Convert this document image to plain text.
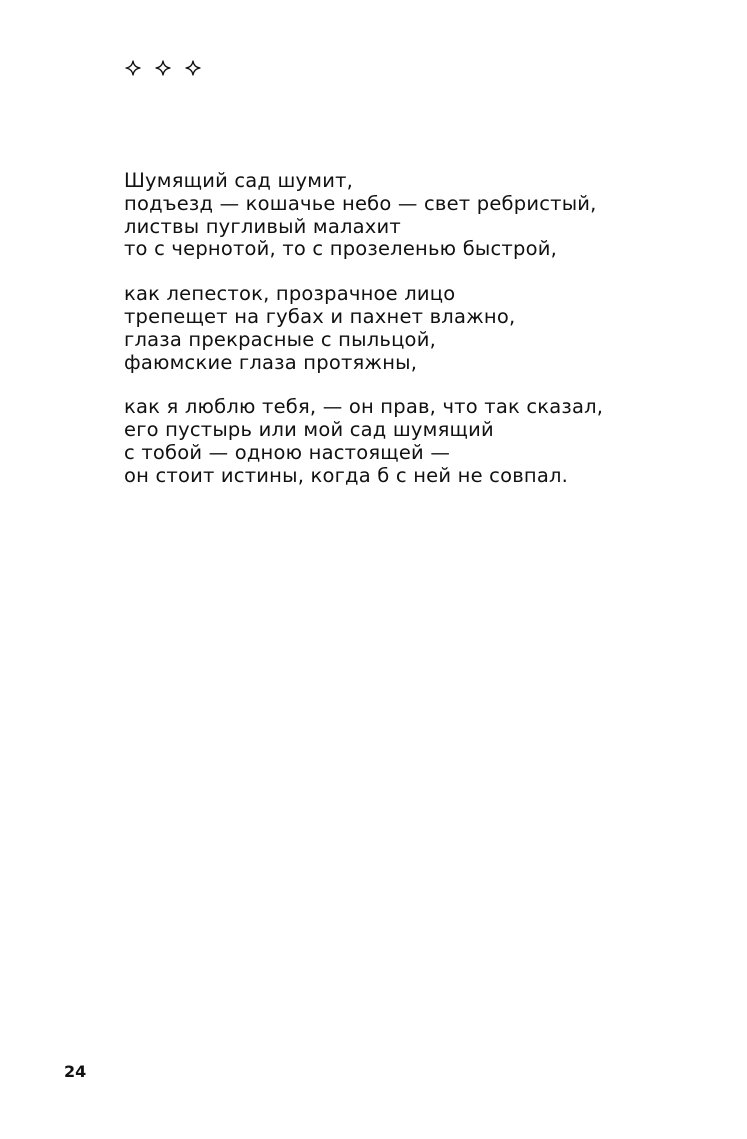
Шумящий сад шумит,
подъезд — кошачье небо — свет ребристый,
листвы пугливый малахит
то с чернотой, то с прозеленью быстрой,
как лепесток, прозрачное лицо
трепещет на губах и пахнет влажно,
глаза прекрасные с пыльцой,
фаюмские глаза протяжны,
как я люблю тебя, — он прав, что так сказал,
его пустырь или мой сад шумящий
с тобой — одною настоящей —
он стоит истины, когда б с ней не совпал.
24
